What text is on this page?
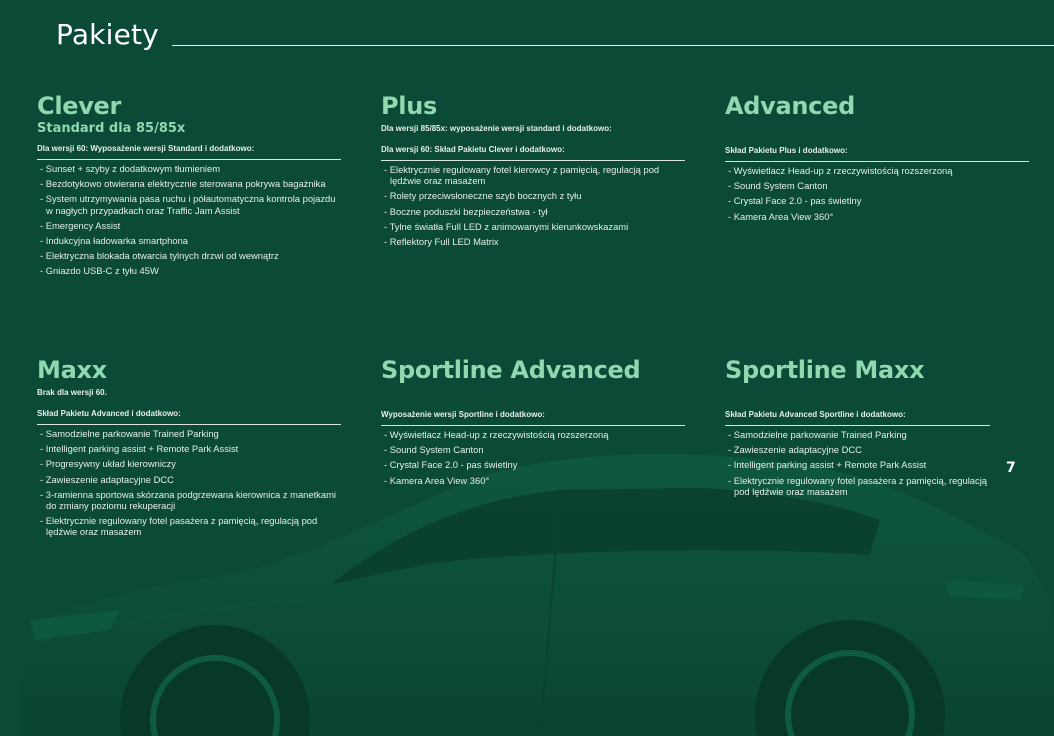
Pakiety
Clever
Standard dla 85/85x
Dla wersji 60: Wyposażenie wersji Standard i dodatkowo:
- Sunset + szyby z dodatkowym tłumieniem
- Bezdotykowo otwierana elektrycznie sterowana pokrywa bagażnika
- System utrzymywania pasa ruchu i półautomatyczna kontrola pojazdu w nagłych przypadkach oraz Traffic Jam Assist
- Emergency Assist
- Indukcyjna ładowarka smartphona
- Elektryczna blokada otwarcia tylnych drzwi od wewnątrz
- Gniazdo USB-C z tyłu 45W
Plus
Dla wersji 85/85x: wyposażenie wersji standard i dodatkowo:
Dla wersji 60: Skład Pakietu Clever i dodatkowo:
- Elektrycznie regulowany fotel kierowcy z pamięcią, regulacją pod lędźwie oraz masażem
- Rolety przeciwsłoneczne szyb bocznych z tyłu
- Boczne poduszki bezpieczeństwa - tył
- Tylne światła Full LED z animowanymi kierunkowskazami
- Reflektory Full LED Matrix
Advanced
Skład Pakietu Plus i dodatkowo:
- Wyświetlacz Head-up z rzeczywistością rozszerzoną
- Sound System Canton
- Crystal Face 2.0 - pas świetlny
- Kamera Area View 360°
Maxx
Brak dla wersji 60.
Skład Pakietu Advanced i dodatkowo:
- Samodzielne parkowanie Trained Parking
- Intelligent parking assist + Remote Park Assist
- Progresywny układ kierowniczy
- Zawieszenie adaptacyjne DCC
- 3-ramienna sportowa skórzana podgrzewana kierownica z manetkami do zmiany poziomu rekuperacji
- Elektrycznie regulowany fotel pasażera z pamięcią, regulacją pod lędźwie oraz masażem
Sportline Advanced
Wyposażenie wersji Sportline i dodatkowo:
- Wyświetlacz Head-up z rzeczywistością rozszerzoną
- Sound System Canton
- Crystal Face 2.0 - pas świetlny
- Kamera Area View 360°
Sportline Maxx
Skład Pakietu Advanced Sportline i dodatkowo:
- Samodzielne parkowanie Trained Parking
- Zawieszenie adaptacyjne DCC
- Intelligent parking assist + Remote Park Assist
- Elektrycznie regulowany fotel pasażera z pamięcią, regulacją pod lędźwie oraz masażem
7
